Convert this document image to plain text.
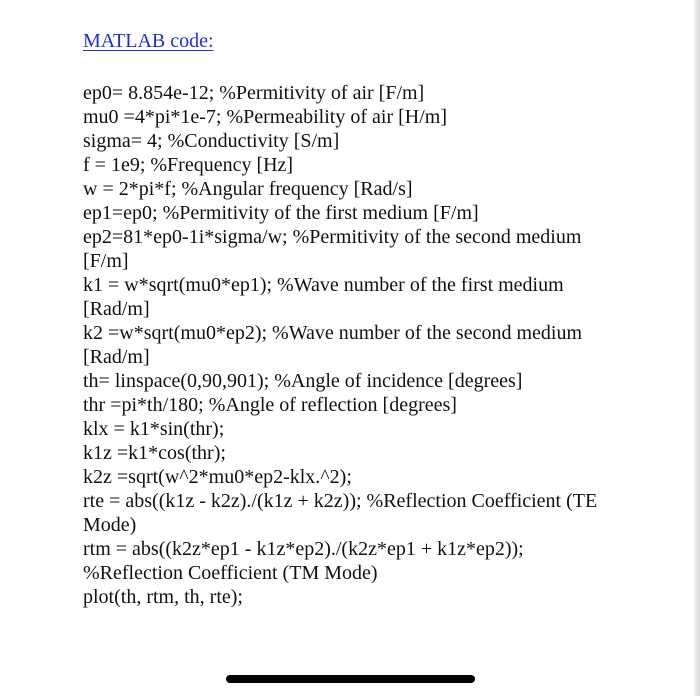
MATLAB code:
ep0= 8.854e-12; %Permitivity of air [F/m]
mu0 =4*pi*1e-7; %Permeability of air [H/m]
sigma= 4; %Conductivity [S/m]
f = 1e9; %Frequency [Hz]
w = 2*pi*f; %Angular frequency [Rad/s]
ep1=ep0; %Permitivity of the first medium [F/m]
ep2=81*ep0-1i*sigma/w; %Permitivity of the second medium
[F/m]
k1 = w*sqrt(mu0*ep1); %Wave number of the first medium
[Rad/m]
k2 =w*sqrt(mu0*ep2); %Wave number of the second medium
[Rad/m]
th= linspace(0,90,901); %Angle of incidence [degrees]
thr =pi*th/180; %Angle of reflection [degrees]
klx = k1*sin(thr);
k1z =k1*cos(thr);
k2z =sqrt(w^2*mu0*ep2-klx.^2);
rte = abs((k1z - k2z)./(k1z + k2z)); %Reflection Coefficient (TE
Mode)
rtm = abs((k2z*ep1 - k1z*ep2)./(k2z*ep1 + k1z*ep2));
%Reflection Coefficient (TM Mode)
plot(th, rtm, th, rte);
